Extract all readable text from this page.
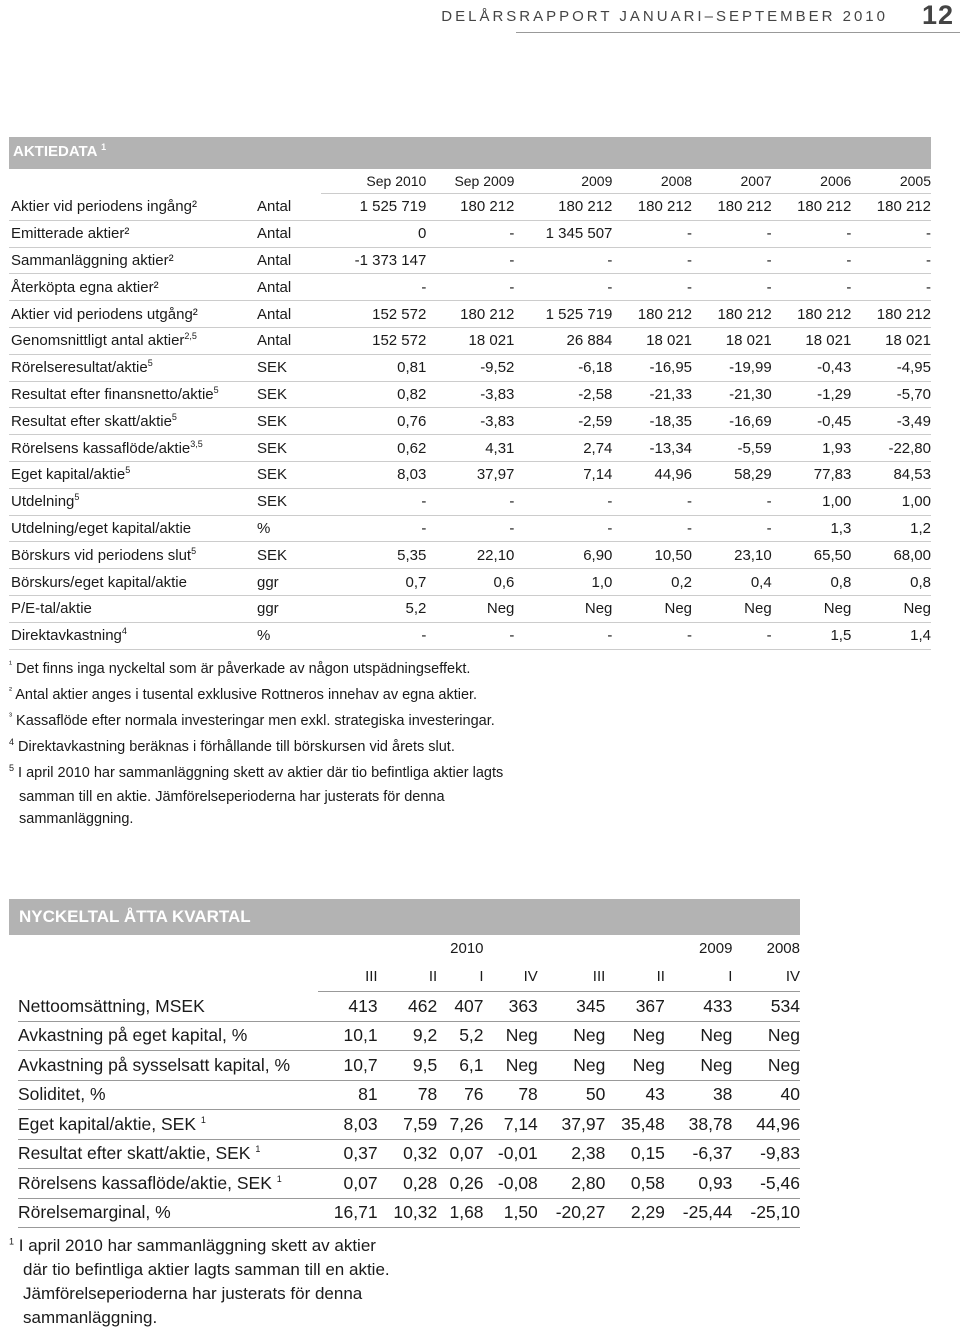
DELÅRSRAPPORT JANUARI–SEPTEMBER 2010 12
AKTIEDATA $^1$
		Sep 2010	Sep 2009	2009	2008	2007	2006	2005
Aktier vid periodens ingång²	Antal	1 525 719	180 212	180 212	180 212	180 212	180 212	180 212
Emitterade aktier²	Antal	0	-	1 345 507	-	-	-	-
Sammanläggning aktier²	Antal	-1 373 147	-	-	-	-	-	-
Återköpta egna aktier²	Antal	-	-	-	-	-	-	-
Aktier vid periodens utgång²	Antal	152 572	180 212	1 525 719	180 212	180 212	180 212	180 212
Genomsnittligt antal aktier$^{2,5}$	Antal	152 572	18 021	26 884	18 021	18 021	18 021	18 021
Rörelseresultat/aktie$^5$	SEK	0,81	-9,52	-6,18	-16,95	-19,99	-0,43	-4,95
Resultat efter finansnetto/aktie$^5$	SEK	0,82	-3,83	-2,58	-21,33	-21,30	-1,29	-5,70
Resultat efter skatt/aktie$^5$	SEK	0,76	-3,83	-2,59	-18,35	-16,69	-0,45	-3,49
Rörelsens kassaflöde/aktie$^{3,5}$	SEK	0,62	4,31	2,74	-13,34	-5,59	1,93	-22,80
Eget kapital/aktie$^5$	SEK	8,03	37,97	7,14	44,96	58,29	77,83	84,53
Utdelning$^5$	SEK	-	-	-	-	-	1,00	1,00
Utdelning/eget kapital/aktie	%	-	-	-	-	-	1,3	1,2
Börskurs vid periodens slut$^5$	SEK	5,35	22,10	6,90	10,50	23,10	65,50	68,00
Börskurs/eget kapital/aktie	ggr	0,7	0,6	1,0	0,2	0,4	0,8	0,8
P/E-tal/aktie	ggr	5,2	Neg	Neg	Neg	Neg	Neg	Neg
Direktavkastning$^4$	%	-	-	-	-	-	1,5	1,4
$^{^1}$ Det finns inga nyckeltal som är påverkade av någon utspädningseffekt.
$^{^2}$ Antal aktier anges i tusental exklusive Rottneros innehav av egna aktier.
$^{^3}$ Kassaflöde efter normala investeringar men exkl. strategiska investeringar.
$^4$ Direktavkastning beräknas i förhållande till börskursen vid årets slut.
$^5$ I april 2010 har sammanläggning skett av aktier där tio befintliga aktier lagts
samman till en aktie. Jämförelseperioderna har justerats för denna
sammanläggning.
NYCKELTAL ÅTTA KVARTAL
	2010						2009	2008
	III	II	I	IV	III	II	I	IV
Nettoomsättning, MSEK	413	462	407	363	345	367	433	534
Avkastning på eget kapital, %	10,1	9,2	5,2	Neg	Neg	Neg	Neg	Neg
Avkastning på sysselsatt kapital, %	10,7	9,5	6,1	Neg	Neg	Neg	Neg	Neg
Soliditet, %	81	78	76	78	50	43	38	40
Eget kapital/aktie, SEK $^1$	8,03	7,59	7,26	7,14	37,97	35,48	38,78	44,96
Resultat efter skatt/aktie, SEK $^1$	0,37	0,32	0,07	-0,01	2,38	0,15	-6,37	-9,83
Rörelsens kassaflöde/aktie, SEK $^1$	0,07	0,28	0,26	-0,08	2,80	0,58	0,93	-5,46
Rörelsemarginal, %	16,71	10,32	1,68	1,50	-20,27	2,29	-25,44	-25,10
$^1$ I april 2010 har sammanläggning skett av aktier
där tio befintliga aktier lagts samman till en aktie.
Jämförelseperioderna har justerats för denna
sammanläggning.
